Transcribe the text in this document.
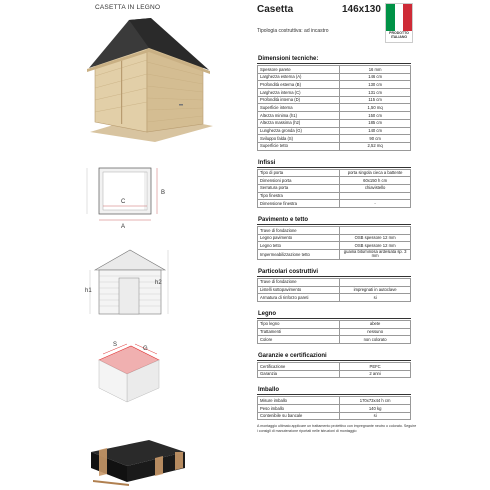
CASETTA IN LEGNO	Casetta	146x130
Tipologia costruttiva: ad incastro	PRODOTTO ITALIANO
C
B
A
h1
h2
S
G
Dimensioni tecniche:
Spessore parete	16 mm
Larghezza esterna (A)	146 cm
Profondità esterna (B)	130 cm
Larghezza interna (C)	131 cm
Profondità interna (D)	115 cm
Superficie interna	1,50 mq
Altezza minima (h1)	150 cm
Altezza massima (h2)	185 cm
Lunghezza gronda (G)	140 cm
Sviluppo falda (S)	90 cm
Superficie tetto	2,52 mq
Infissi
Tipo di porta	porta singola cieca a battente
Dimensioni porta	60x150 h cm
Serratura porta	chiavistello
Tipo finestra	
Dimensione finestra	-
Pavimento e tetto
Trave di fondazione	
Legno pavimento	OSB spessore 12 mm
Legno tetto	OSB spessore 12 mm
Impermeabilizzazione tetto	guaina bituminosa ardesiata sp. 3 mm
Particolari costruttivi
Trave di fondazione	
Listelli sottopavimento	impregnati in autoclave
Armatura di rinforzo pareti	si
Legno
Tipo legno	abete
Trattamenti	nessuno
Colore	non colorato
Garanzie e certificazioni
Certificazione	PEFC
Garanzia	2 anni
Imballo
Misure imballo	170x73x44 h cm
Peso imballo	140 kg
Contenibile su bancale	si
A montaggio ultimato applicare un trattamento protettivo con impregnante neutro o colorato. Seguire i consigli di manutenzione riportati nelle istruzioni di montaggio
